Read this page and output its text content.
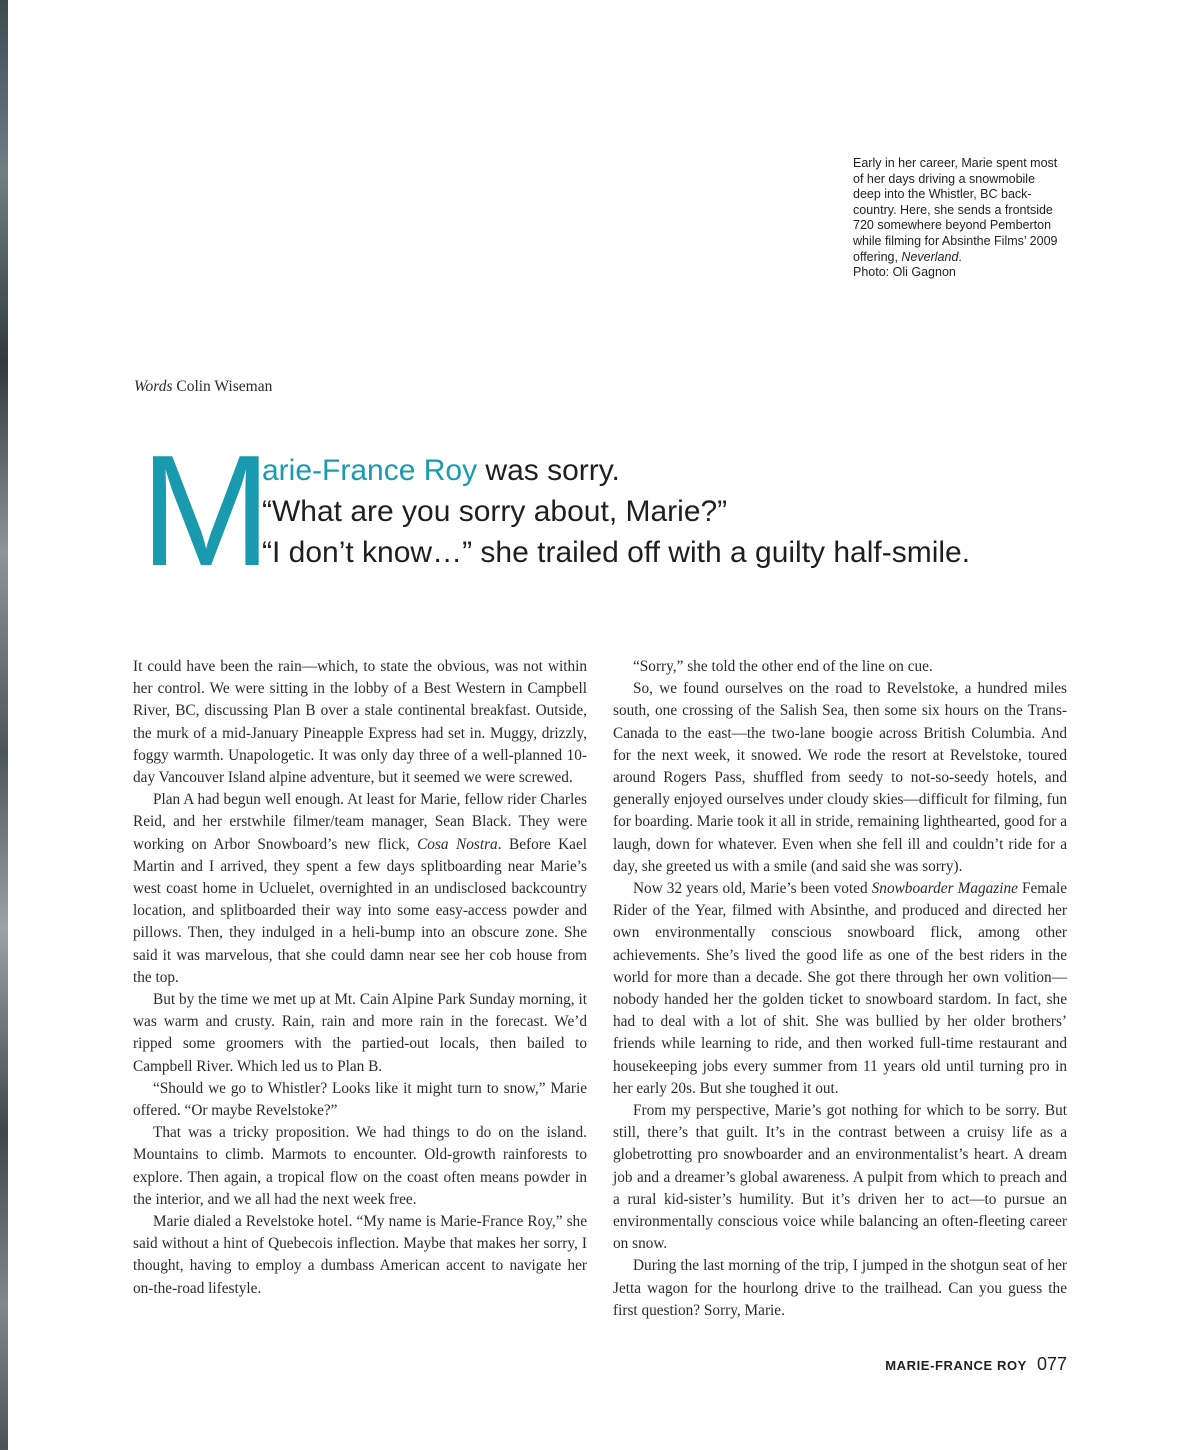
Early in her career, Marie spent most

of her days driving a snowmobile

deep into the Whistler, BC back-

country. Here, she sends a frontside

720 somewhere beyond Pemberton

while filming for Absinthe Films’ 2009

offering, Neverland.

Photo: Oli Gagnon

Words Colin Wiseman
M
arie-France Roy was sorry.
“What are you sorry about, Marie?”
“I don’t know…” she trailed off with a guilty half-smile.

It could have been the rain—which, to state the obvious, was not within her control. We were sitting in the lobby of a Best Western in Campbell River, BC, discussing Plan B over a stale continental breakfast. Outside, the murk of a mid-January Pineapple Express had set in. Muggy, drizzly, foggy warmth. Unapologetic. It was only day three of a well-planned 10-day Vancouver Island alpine adventure, but it seemed we were screwed.

Plan A had begun well enough. At least for Marie, fellow rider Charles Reid, and her erstwhile filmer/team manager, Sean Black. They were working on Arbor Snowboard’s new flick, Cosa Nostra. Before Kael Martin and I arrived, they spent a few days splitboarding near Marie’s west coast home in Ucluelet, overnighted in an undisclosed backcountry location, and splitboarded their way into some easy-access powder and pillows. Then, they indulged in a heli-bump into an obscure zone. She said it was marvelous, that she could damn near see her cob house from the top.

But by the time we met up at Mt. Cain Alpine Park Sunday morning, it was warm and crusty. Rain, rain and more rain in the forecast. We’d ripped some groomers with the partied-out locals, then bailed to Campbell River. Which led us to Plan B.

“Should we go to Whistler? Looks like it might turn to snow,” Marie offered. “Or maybe Revelstoke?”

That was a tricky proposition. We had things to do on the island. Mountains to climb. Marmots to encounter. Old-growth rainforests to explore. Then again, a tropical flow on the coast often means powder in the interior, and we all had the next week free.

Marie dialed a Revelstoke hotel. “My name is Marie-France Roy,” she said without a hint of Quebecois inflection. Maybe that makes her sorry, I thought, having to employ a dumbass American accent to navigate her on-the-road lifestyle.

“Sorry,” she told the other end of the line on cue.

So, we found ourselves on the road to Revelstoke, a hundred miles south, one crossing of the Salish Sea, then some six hours on the Trans-Canada to the east—the two-lane boogie across British Columbia. And for the next week, it snowed. We rode the resort at Revelstoke, toured around Rogers Pass, shuffled from seedy to not-so-seedy hotels, and generally enjoyed ourselves under cloudy skies—difficult for filming, fun for boarding. Marie took it all in stride, remaining lighthearted, good for a laugh, down for whatever. Even when she fell ill and couldn’t ride for a day, she greeted us with a smile (and said she was sorry).

Now 32 years old, Marie’s been voted Snowboarder Magazine Female Rider of the Year, filmed with Absinthe, and produced and directed her own environmentally conscious snowboard flick, among other achievements. She’s lived the good life as one of the best riders in the world for more than a decade. She got there through her own volition—nobody handed her the golden ticket to snowboard stardom. In fact, she had to deal with a lot of shit. She was bullied by her older brothers’ friends while learning to ride, and then worked full-time restaurant and housekeeping jobs every summer from 11 years old until turning pro in her early 20s. But she toughed it out.

From my perspective, Marie’s got nothing for which to be sorry. But still, there’s that guilt. It’s in the contrast between a cruisy life as a globetrotting pro snowboarder and an environmentalist’s heart. A dream job and a dreamer’s global awareness. A pulpit from which to preach and a rural kid-sister’s humility. But it’s driven her to act—to pursue an environmentally conscious voice while balancing an often-fleeting career on snow.

During the last morning of the trip, I jumped in the shotgun seat of her Jetta wagon for the hourlong drive to the trailhead. Can you guess the first question? Sorry, Marie.

MARIE-FRANCE ROY 077
